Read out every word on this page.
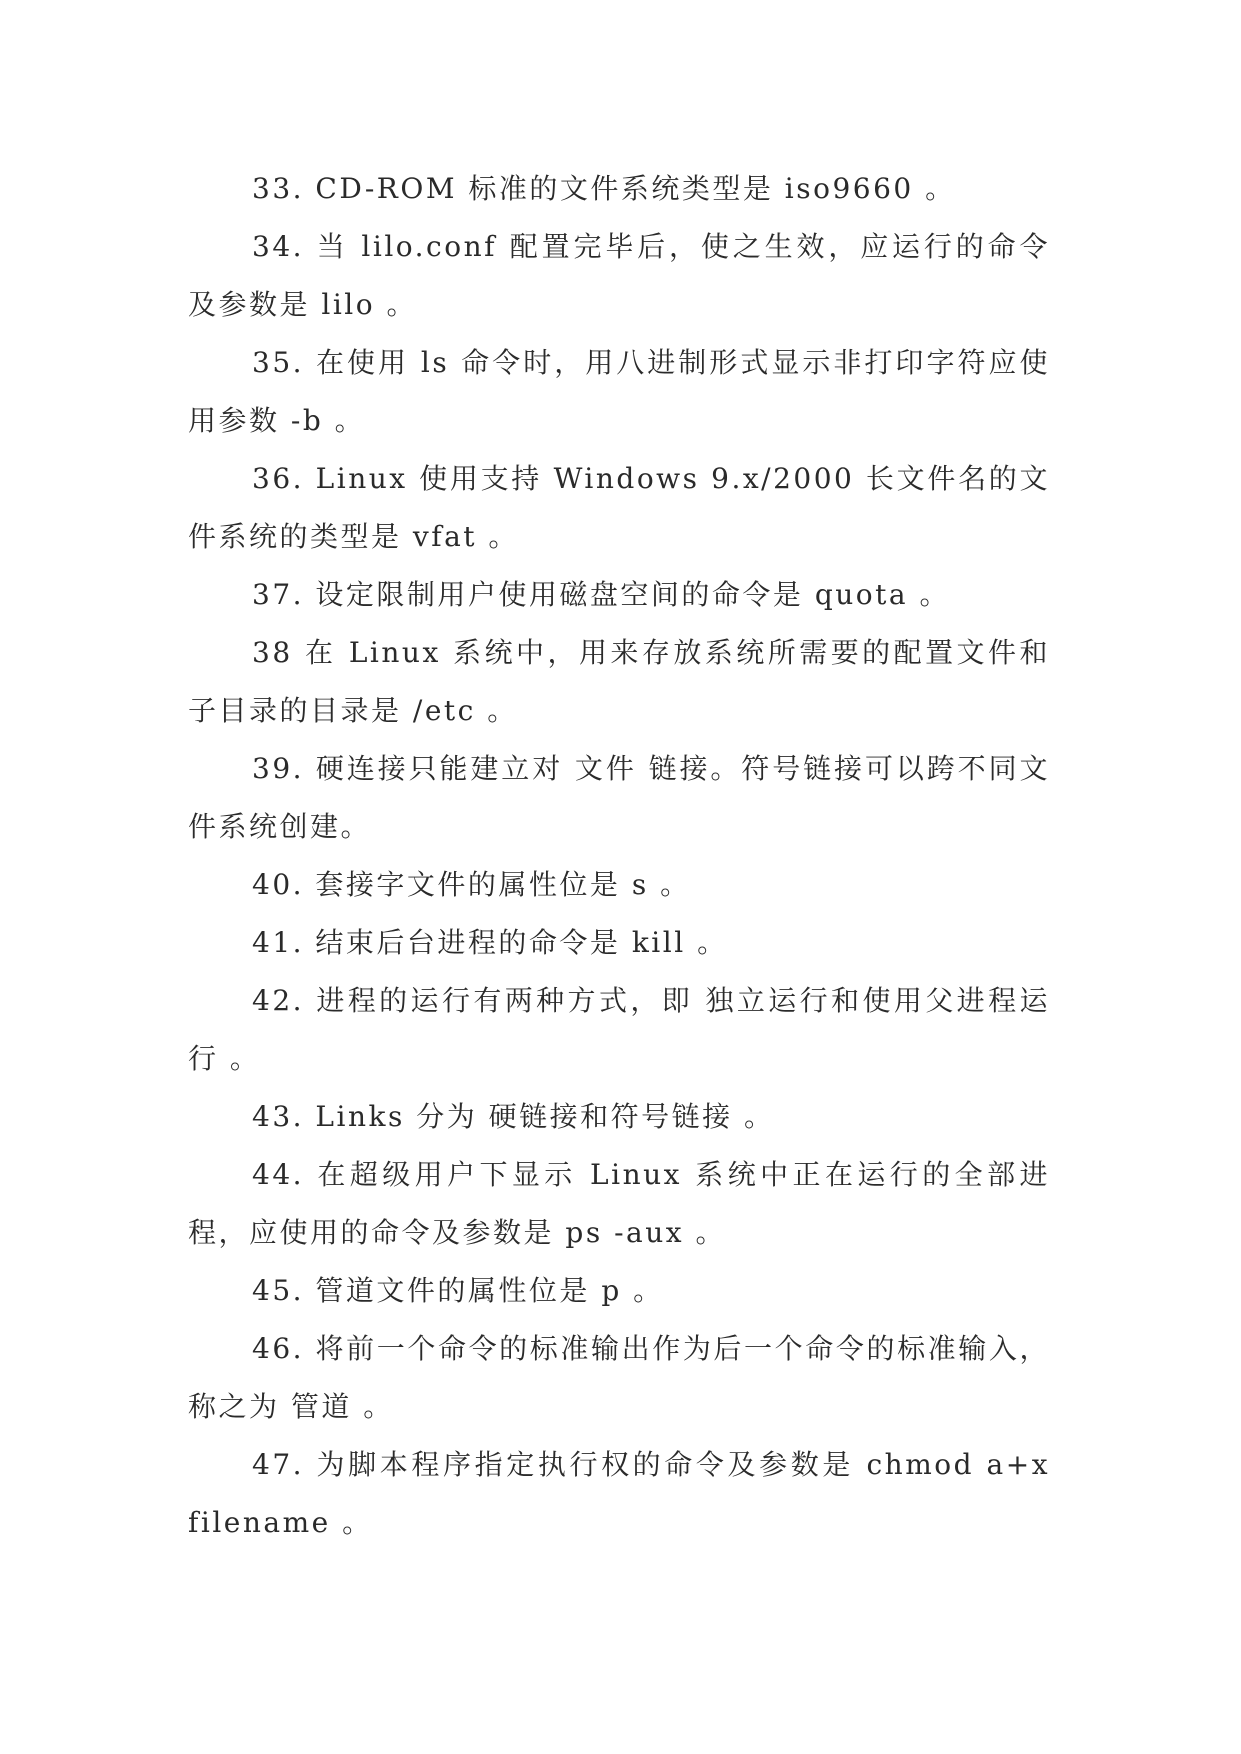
33. CD-ROM 标准的文件系统类型是 iso9660 。

34. 当 lilo.conf 配置完毕后，使之生效，应运行的命令及参数是 lilo 。

35. 在使用 ls 命令时，用八进制形式显示非打印字符应使用参数 -b 。

36. Linux 使用支持 Windows 9.x/2000 长文件名的文件系统的类型是 vfat 。

37. 设定限制用户使用磁盘空间的命令是 quota 。

38 在 Linux 系统中，用来存放系统所需要的配置文件和子目录的目录是 /etc 。

39. 硬连接只能建立对 文件 链接。符号链接可以跨不同文件系统创建。

40. 套接字文件的属性位是 s 。

41. 结束后台进程的命令是 kill 。

42. 进程的运行有两种方式，即 独立运行和使用父进程运行 。

43. Links 分为 硬链接和符号链接 。

44. 在超级用户下显示 Linux 系统中正在运行的全部进程，应使用的命令及参数是 ps -aux 。

45. 管道文件的属性位是 p 。

46. 将前一个命令的标准输出作为后一个命令的标准输入，称之为 管道 。

47. 为脚本程序指定执行权的命令及参数是 chmod a+x filename 。
